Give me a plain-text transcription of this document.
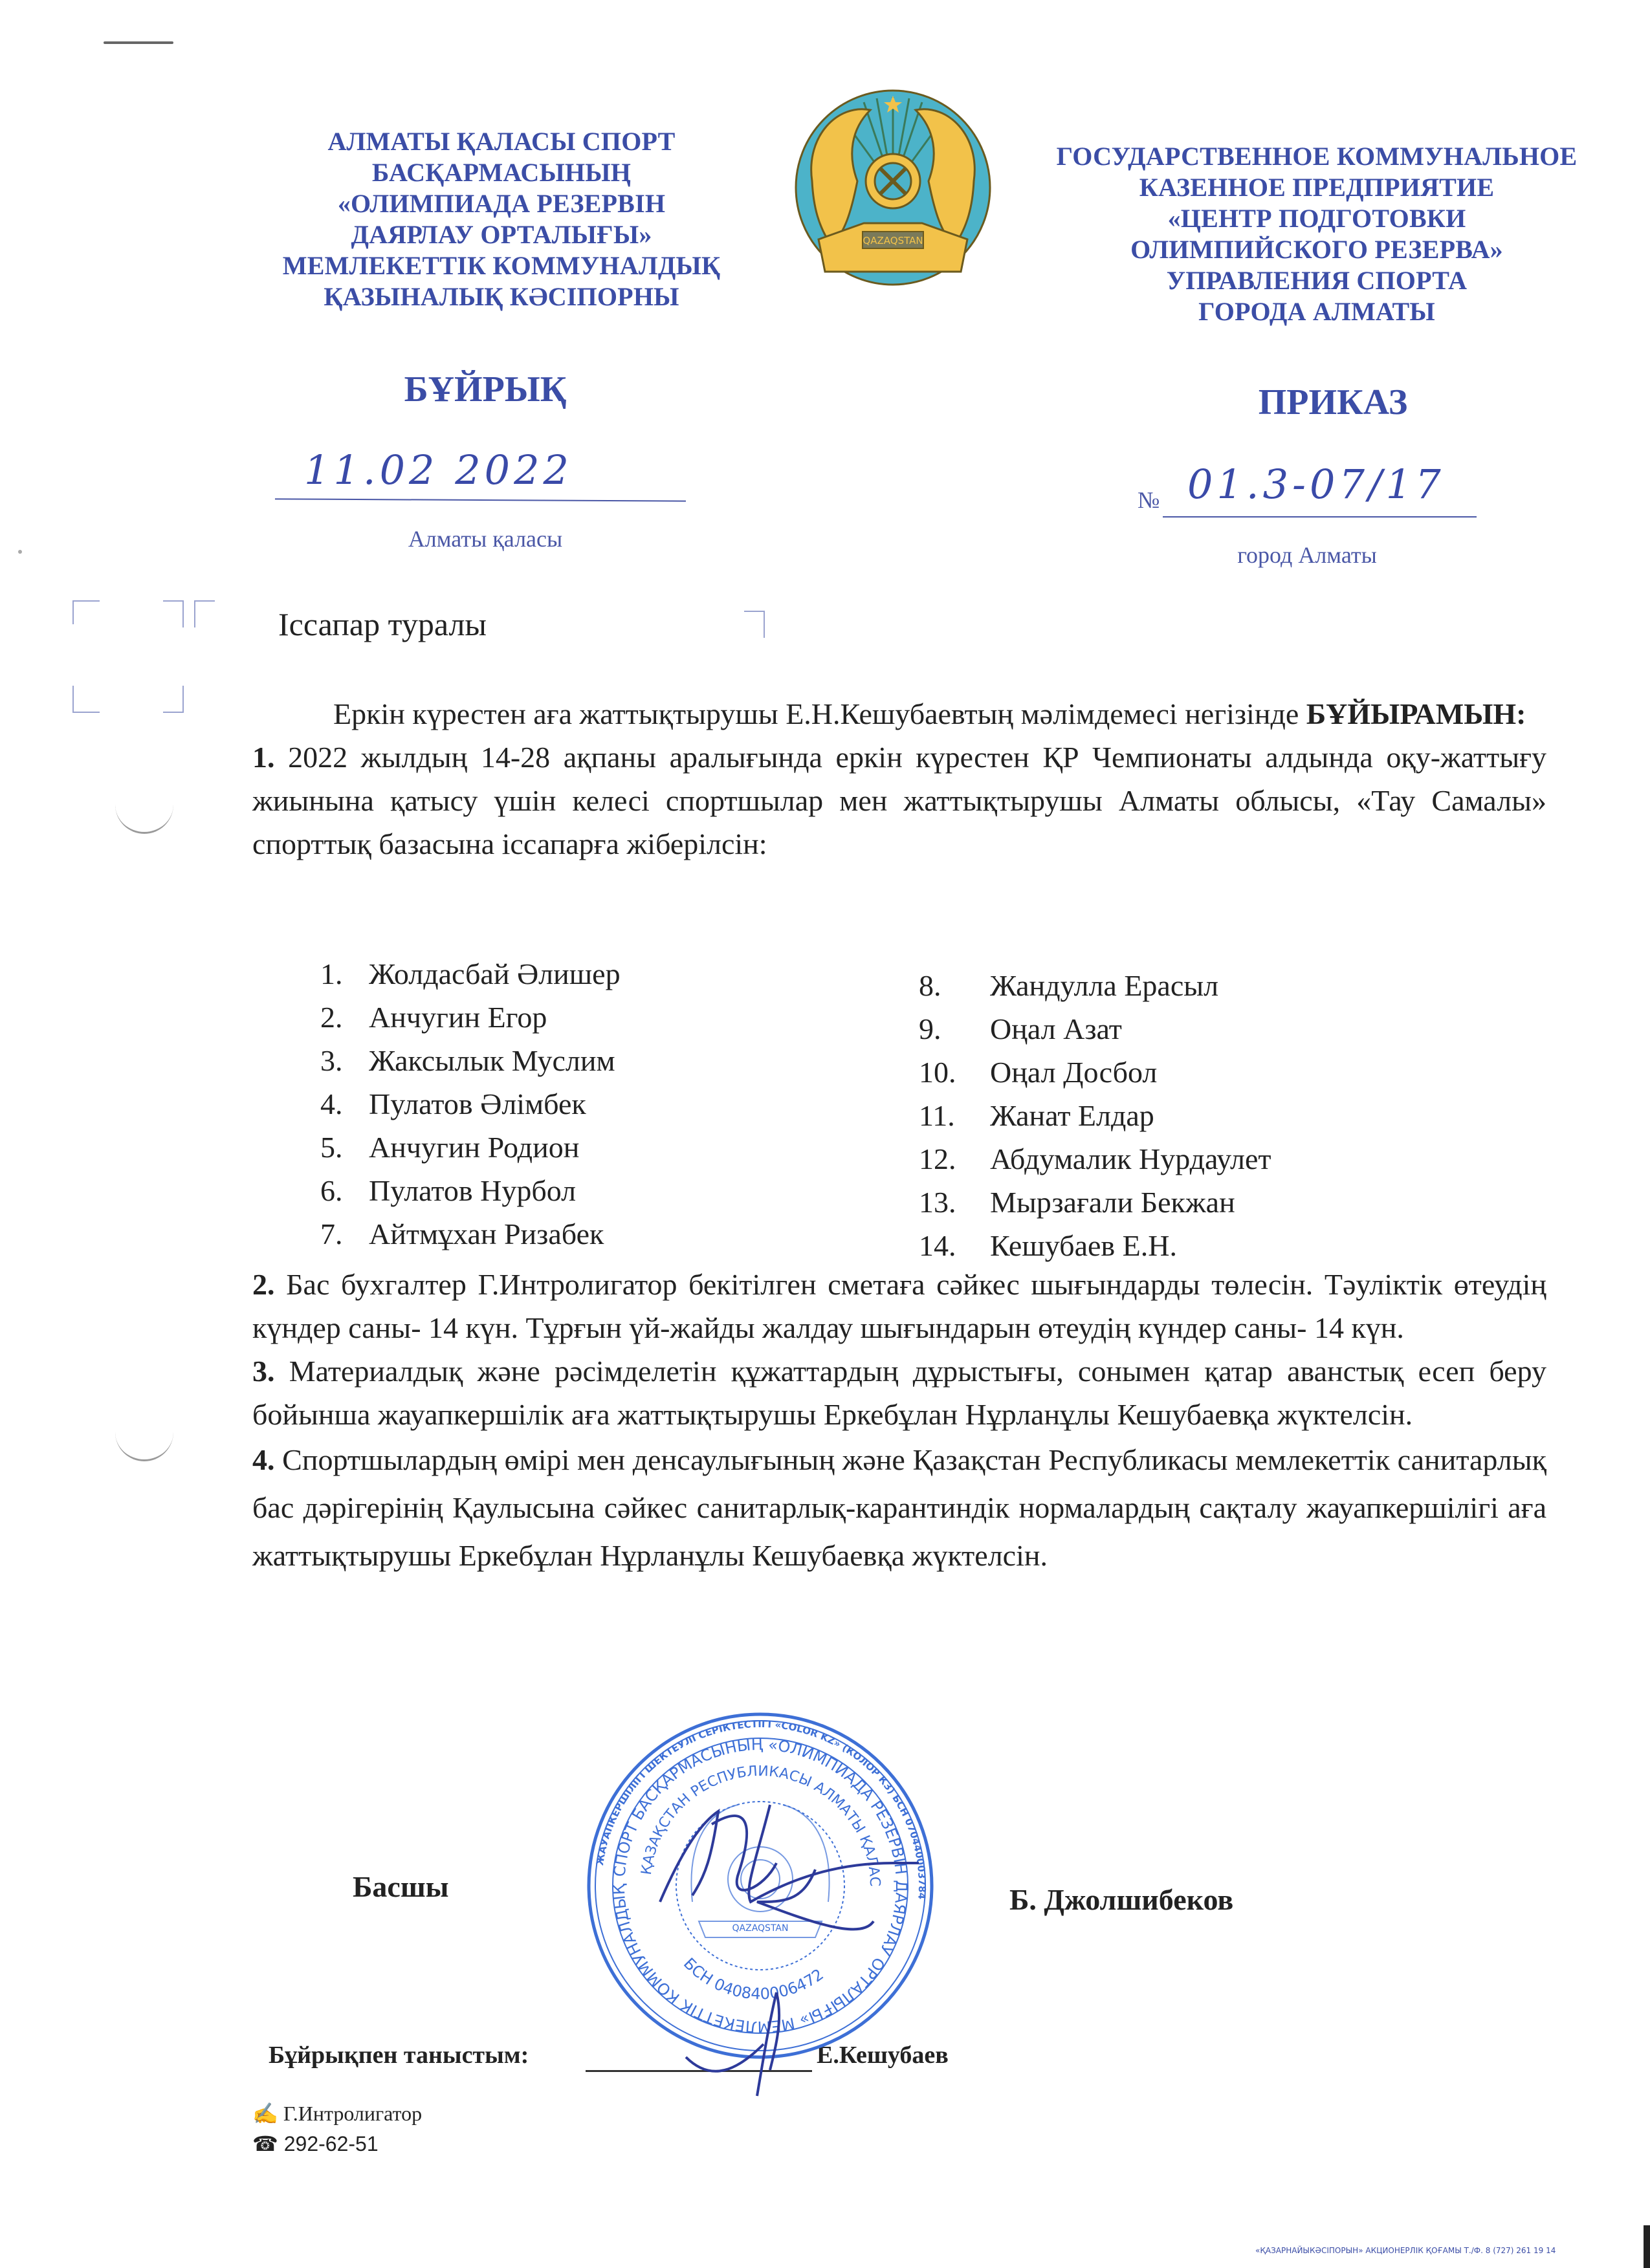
АЛМАТЫ ҚАЛАСЫ СПОРТ
БАСҚАРМАСЫНЫҢ
«ОЛИМПИАДА РЕЗЕРВІН
ДАЯРЛАУ ОРТАЛЫҒЫ»
МЕМЛЕКЕТТІК КОММУНАЛДЫҚ
ҚАЗЫНАЛЫҚ КӘСІПОРНЫ
QAZAQSTAN
ГОСУДАРСТВЕННОЕ КОММУНАЛЬНОЕ
КАЗЕННОЕ ПРЕДПРИЯТИЕ
«ЦЕНТР ПОДГОТОВКИ
ОЛИМПИЙСКОГО РЕЗЕРВА»
УПРАВЛЕНИЯ СПОРТА
ГОРОДА АЛМАТЫ
БҰЙРЫҚ	ПРИКАЗ
11.02 2022
Алматы қаласы
№ 01.3-07/17
город Алматы
Іссапар туралы

Еркін күрестен аға жаттықтырушы Е.Н.Кешубаевтың мәлімдемесі негізінде БҰЙЫРАМЫН:

1. 2022 жылдың 14-28 ақпаны аралығында еркін күрестен ҚР Чемпионаты алдында оқу-жаттығу жиынына қатысу үшін келесі спортшылар мен жаттықтырушы Алматы облысы, «Тау Самалы» спорттық базасына іссапарға жіберілсін:

1. Жолдасбай Әлишер
2. Анчугин Егор
3. Жаксылык Муслим
4. Пулатов Әлімбек
5. Анчугин Родион
6. Пулатов Нурбол
7. Айтмұхан Ризабек
8. Жандулла Ерасыл
9. Оңал Азат
10. Оңал Досбол
11. Жанат Елдар
12. Абдумалик Нурдаулет
13. Мырзағали Бекжан
14. Кешубаев Е.Н.

2. Бас бухгалтер Г.Интролигатор бекітілген сметаға сәйкес шығындарды төлесін. Тәуліктік өтеудің күндер саны- 14 күн. Тұрғын үй-жайды жалдау шығындарын өтеудің күндер саны- 14 күн.

3. Материалдық және рәсімделетін құжаттардың дұрыстығы, сонымен қатар аванстық есеп беру бойынша жауапкершілік аға жаттықтырушы Еркебұлан Нұрланұлы Кешубаевқа жүктелсін.

4. Спортшылардың өмірі мен денсаулығының және Қазақстан Республикасы мемлекеттік санитарлық бас дәрігерінің Қаулысына сәйкес санитарлық-карантиндік нормалардың сақталу жауапкершілігі аға жаттықтырушы Еркебұлан Нұрланұлы Кешубаевқа жүктелсін.

Басшы	Б. Джолшибеков
Бұйрықпен таныстым:	Е.Кешубаев
ЖАУАПКЕРШІЛІГІ ШЕКТЕУЛІ СЕРІКТЕСТІГІ «COLOR KZ» (КОЛОР КЗ) БСН 070440003784
СПОРТ БАСҚАРМАСЫНЫҢ «ОЛИМПИАДА РЕЗЕРВІН ДАЯРЛАУ ОРТАЛЫҒЫ» МЕМЛЕКЕТТІК КОММУНАЛДЫҚ
ҚАЗАҚСТАН РЕСПУБЛИКАСЫ АЛМАТЫ ҚАЛАС
БСН 040840006472
QAZAQSTAN
✍ Г.Интролигатор
☎ 292-62-51
«ҚАЗАРНАЙЫКӘСІПОРЫН» АКЦИОНЕРЛІК ҚОҒАМЫ Т./Ф. 8 (727) 261 19 14
